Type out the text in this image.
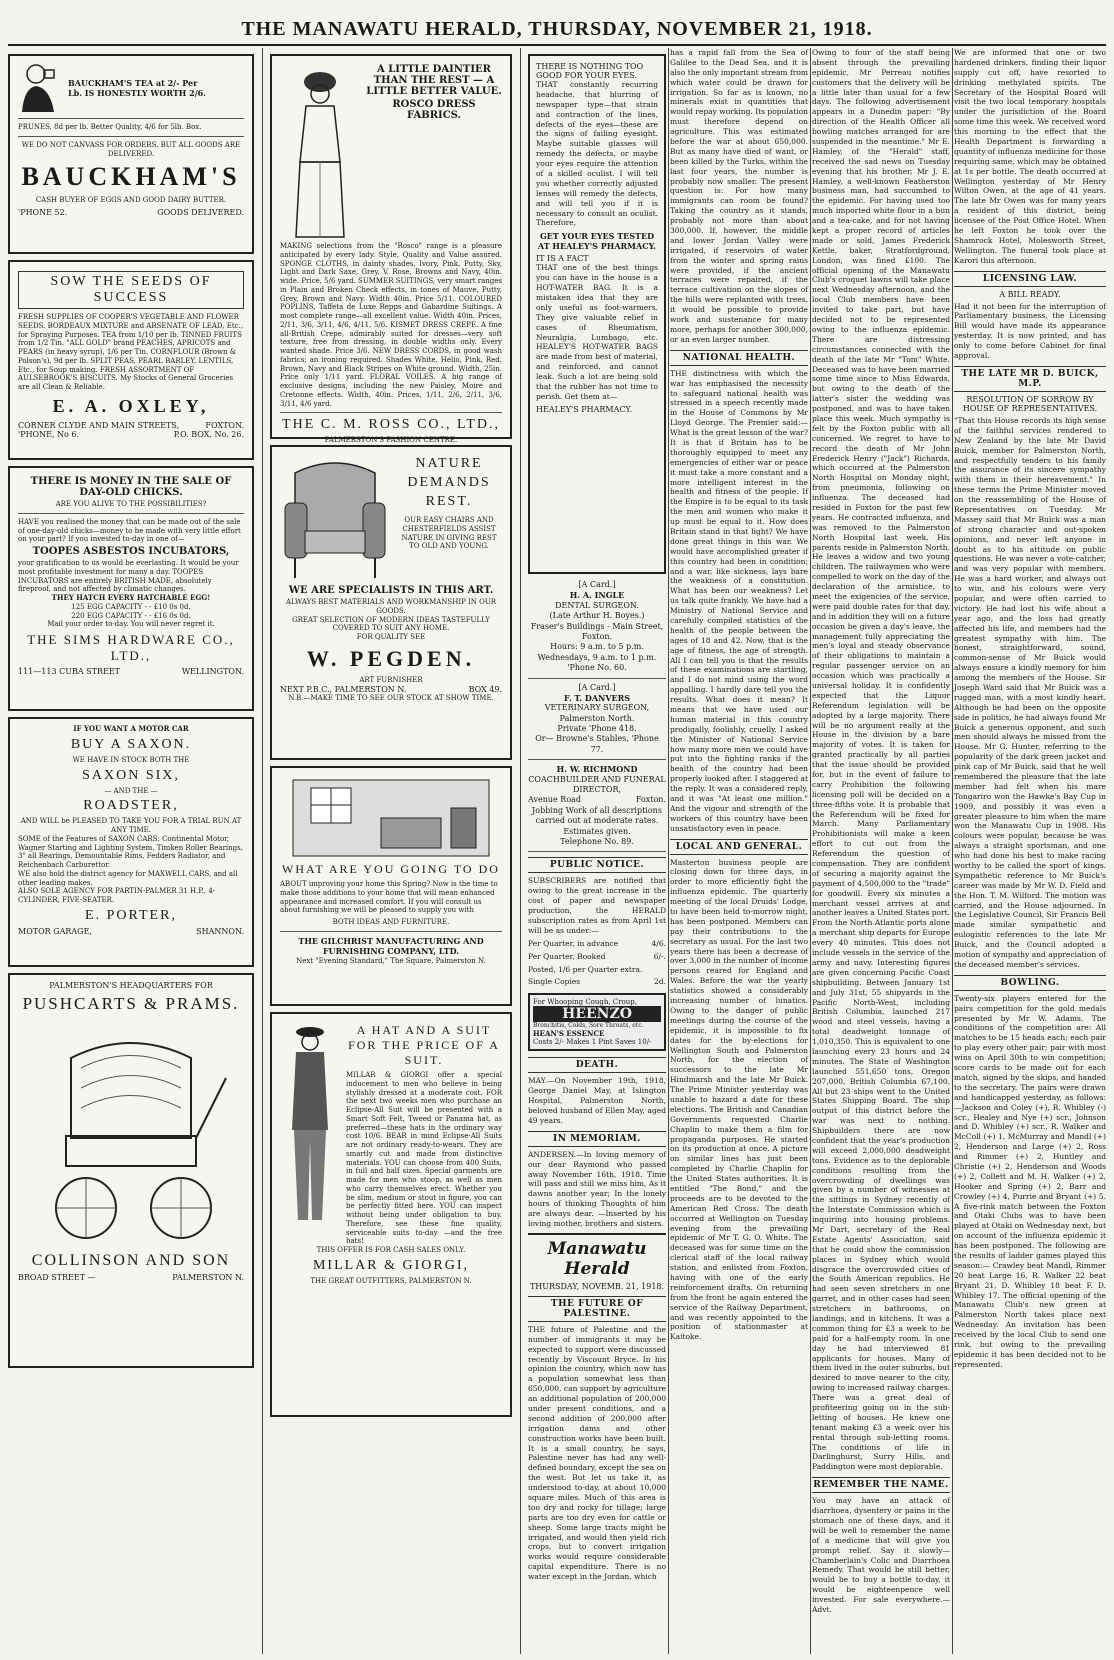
THE MANAWATU HERALD, THURSDAY, NOVEMBER 21, 1918.
BAUCKHAM'S TEA at 2/- Per
Lb. IS HONESTLY WORTH 2/6.
PRUNES, 8d per lb. Better Quality, 4/6 for 5lb. Box.
WE DO NOT CANVASS FOR ORDERS, BUT ALL GOODS ARE DELIVERED.
BAUCKHAM'S
CASH BUYER OF EGGS AND GOOD DAIRY BUTTER.
'PHONE 52.	GOODS DELIVERED.
SOW THE SEEDS OF SUCCESS
FRESH SUPPLIES OF COOPER'S VEGETABLE AND FLOWER SEEDS. BORDEAUX MIXTURE and ARSENATE OF LEAD, Etc., for Spraying Purposes. TEA from 1/10 per lb. TINNED FRUITS from 1/2 Tin. "ALL GOLD" brand PEACHES, APRICOTS and PEARS (in heavy syrup), 1/6 per Tin. CORNFLOUR (Brown & Polson's), 9d per lb. SPLIT PEAS, PEARL BARLEY, LENTILS, Etc., for Soup making. FRESH ASSORTMENT OF AULSEBROOK'S BISCUITS. My Stocks of General Groceries are all Clean & Reliable.
E. A. OXLEY,
CORNER CLYDE AND MAIN STREETS,	FOXTON.
'PHONE, No 6.	P.O. BOX, No. 26.
THERE IS MONEY IN THE SALE OF DAY-OLD CHICKS.
ARE YOU ALIVE TO THE POSSIBILITIES?
HAVE you realised the money that can be made out of the sale of one-day-old chicks—money to be made with very little effort on your part? If you invested to-day in one of—
TOOPES ASBESTOS INCUBATORS,
your gratification to us would be everlasting. It would be your most profitable investment for many a day. TOOPES INCUBATORS are entirely BRITISH MADE, absolutely fireproof, and not affected by climatic changes.
THEY HATCH EVERY HATCHABLE EGG!
125 EGG CAPACITY - - £10 0s 0d.
220 EGG CAPACITY - - £16 0s 0d.
Mail your order to-day. You will never regret it.
THE SIMS HARDWARE CO., LTD.,
111—113 CUBA STREET	WELLINGTON.
IF YOU WANT A MOTOR CAR
BUY A SAXON.
WE HAVE IN STOCK BOTH THE
SAXON SIX,
— AND THE —
ROADSTER,
AND WILL be PLEASED TO TAKE YOU FOR A TRIAL RUN AT ANY TIME.
SOME of the Features of SAXON CARS: Continental Motor, Wagner Starting and Lighting System, Timken Roller Bearings, 3" all Bearings, Demountable Rims, Fedders Radiator, and Reichenbach Carburettor.
WE also hold the district agency for MAXWELL CARS, and all other leading makes.
ALSO SOLE AGENCY FOR PARTIN-PALMER 31 H.P., 4-CYLINDER, FIVE-SEATER.
E. PORTER,
MOTOR GARAGE,	SHANNON.
PALMERSTON'S HEADQUARTERS FOR
PUSHCARTS & PRAMS.
COLLINSON AND SON
BROAD STREET —	PALMERSTON N.
A LITTLE DAINTIER THAN THE REST — A LITTLE BETTER VALUE.
ROSCO DRESS FABRICS.
MAKING selections from the "Rosco" range is a pleasure anticipated by every lady. Style, Quality and Value assured. SPONGE CLOTHS, in dainty shades, Ivory, Pink, Putty, Sky, Light and Dark Saxe, Grey, V. Rose, Browns and Navy, 40in. wide. Price, 5/6 yard. SUMMER SUITINGS, very smart ranges in Plain and Broken Check effects, in tones of Mauve, Putty, Grey, Brown and Navy. Width 40in. Price 5/11. COLOURED POPLINS, Taffeta de Luxe Repps and Gabardine Suitings. A most complete range—all excellent value. Width 40in. Prices, 2/11, 3/6, 3/11, 4/6, 4/11, 5/6. KISMET DRESS CREPE. A fine all-British Crepe, admirably suited for dresses—very soft texture, free from dressing, in double widths only. Every wanted shade. Price 3/6. NEW DRESS CORDS, in good wash fabrics; an ironing required. Shades White, Helio, Pink, Red, Brown, Navy and Black Stripes on White ground. Width, 25in. Price only 1/11 yard. FLORAL VOILES. A big range of exclusive designs, including the new Paisley, Moire and Cretonne effects. Width, 40in. Prices, 1/11, 2/6, 2/11, 3/6, 3/11, 4/6 yard.
THE C. M. ROSS CO., LTD.,
PALMERSTON'S FASHION CENTRE.
NATURE
DEMANDS
REST.
OUR EASY CHAIRS AND CHESTERFIELDS ASSIST NATURE IN GIVING REST TO OLD AND YOUNG.
WE ARE SPECIALISTS IN THIS ART.
ALWAYS BEST MATERIALS AND WORKMANSHIP IN OUR GOODS.
GREAT SELECTION OF MODERN IDEAS TASTEFULLY COVERED TO SUIT ANY HOME.
FOR QUALITY SEE
W. PEGDEN.
ART FURNISHER
NEXT P.B.C., PALMERSTON N.	BOX 49.
N.B.—MAKE TIME TO SEE OUR STOCK AT SHOW TIME.
WHAT ARE YOU GOING TO DO
ABOUT improving your home this Spring? Now is the time to make those additions to your home that will mean enhanced appearance and increased comfort. If you will consult us about furnishing we will be pleased to supply you with
BOTH IDEAS AND FURNITURE.
THE GILCHRIST MANUFACTURING AND FURNISHING COMPANY, LTD.
Next "Evening Standard," The Square, Palmerston N.
A HAT AND A SUIT FOR THE PRICE OF A SUIT.
MILLAR & GIORGI offer a special inducement to men who believe in being stylishly dressed at a moderate cost. FOR the next two weeks men who purchase an Eclipse-All Suit will be presented with a Smart Soft Felt, Tweed or Panama hat, as preferred—these hats in the ordinary way cost 10/6. BEAR in mind Eclipse-All Suits are not ordinary ready-to-wears. They are smartly cut and made from distinctive materials. YOU can choose from 400 Suits, in full and half sizes. Special garments are made for men who stoop, as well as men who carry themselves erect. Whether you be slim, medium or stout in figure, you can be perfectly fitted here. YOU can inspect without being under obligation to buy. Therefore, see these fine quality, serviceable suits to-day —and the free hats!
THIS OFFER IS FOR CASH SALES ONLY.
MILLAR & GIORGI,
THE GREAT OUTFITTERS, PALMERSTON N.
THERE IS NOTHING TOO GOOD FOR YOUR EYES.
THAT constantly recurring headache, that blurring of newspaper type—that strain and contraction of the lines, defects of the eyes—these are the signs of failing eyesight. Maybe suitable glasses will remedy the defects, or maybe your eyes require the attention of a skilled oculist. I will tell you whether correctly adjusted lenses will remedy the defects, and will tell you if it is necessary to consult an oculist. Therefore,
GET YOUR EYES TESTED AT HEALEY'S PHARMACY.
IT IS A FACT
THAT one of the best things you can have in the house is a HOT-WATER BAG. It is a mistaken idea that they are only useful as foot-warmers. They give valuable relief in cases of Rheumatism, Neuralgia, Lumbago, etc. HEALEY'S HOT-WATER BAGS are made from best of material, and reinforced, and cannot leak. Such a lot are being sold that the rubber has not time to perish. Get them at—
HEALEY'S PHARMACY.
[A Card.]
H. A. INGLE
DENTAL SURGEON.
(Late Arthur H. Boyes.)
Fraser's Buildings - Main Street, Foxton.
Hours: 9 a.m. to 5 p.m. Wednesdays, 9 a.m. to 1 p.m.
'Phone No. 60.
[A Card.]
F. T. DANVERS
VETERINARY SURGEON,
Palmerston North.
Private 'Phone 418.
Or— Browne's Stables, 'Phone 77.
H. W. RICHMOND
COACHBUILDER AND FUNERAL DIRECTOR,
Avenue Road	Foxton.
Jobbing Work of all descriptions carried out at moderate rates.
Estimates given.
Telephone No. 89.
PUBLIC NOTICE.
SUBSCRIBERS are notified that owing to the great increase in the cost of paper and newspaper production, the HERALD subscription rates as from April 1st will be as under:—
Per Quarter, in advance	4/6.
Per Quarter, Booked	6/-.
Posted, 1/6 per Quarter extra.
Single Copies	2d.
For Whooping Cough, Croup,
HEENZO
Bronchitis, Colds, Sore Throats, etc.
HEAN'S ESSENCE
Costs 2/- Makes 1 Pint Saves 10/-
DEATH.
MAY.—On November 19th, 1918, George Daniel May, at Islington Hospital, Palmerston North, beloved husband of Ellen May, aged 49 years.
IN MEMORIAM.
ANDERSEN.—In loving memory of our dear Raymond who passed away November 16th, 1918. Time will pass and still we miss him, As it dawns another year; In the lonely hours of thinking Thoughts of him are always dear. —Inserted by his loving mother, brothers and sisters.
Manawatu Herald
THURSDAY, NOVEMB. 21, 1918.
THE FUTURE OF PALESTINE.
THE future of Palestine and the number of immigrants it may be expected to support were discussed recently by Viscount Bryce. In his opinion the country, which now has a population somewhat less than 650,000, can support by agriculture an additional population of 200,000 under present conditions, and a second addition of 200,000 after irrigation dams and other construction works have been built. It is a small country, he says, Palestine never has had any well-defined boundary, except the sea on the west. But let us take it, as understood to-day, at about 10,000 square miles. Much of this area is too dry and rocky for tillage; large parts are too dry even for cattle or sheep. Some large tracts might be irrigated, and would then yield rich crops, but to convert irrigation works would require considerable capital expenditure. There is no water except in the Jordan, which
has a rapid fall from the Sea of Galilee to the Dead Sea, and it is also the only important stream from which water could be drawn for irrigation. So far as is known, no minerals exist in quantities that would repay working. Its population must therefore depend on agriculture. This was estimated before the war at about 650,000. But as many have died of want, or been killed by the Turks, within the last four years, the number is probably now smaller. The present question is: For how many immigrants can room be found? Taking the country as it stands, probably not more than about 300,000. If, however, the middle and lower Jordan Valley were irrigated, if reservoirs of water from the winter and spring rains were provided, if the ancient terraces were repaired, if the terrace cultivation on the slopes of the hills were replanted with trees, it would be possible to provide work and sustenance for many more, perhaps for another 300,000, or an even larger number.
NATIONAL HEALTH.
THE distinctness with which the war has emphasised the necessity to safeguard national health was stressed in a speech recently made in the House of Commons by Mr Lloyd George. The Premier said:— What is the great lesson of the war? It is that if Britain has to be thoroughly equipped to meet any emergencies of either war or peace it must take a more constant and a more intelligent interest in the health and fitness of the people. If the Empire is to be equal to its task the men and women who make it up must be equal to it. How does Britain stand in that light? We have done great things in this war. We would have accomplished greater if this country had been in condition; and a war, like sickness, lays bare the weakness of a constitution. What has been our weakness? Let us talk quite frankly. We have had a Ministry of National Service and carefully compiled statistics of the health of the people between the ages of 18 and 42. Now, that is the age of fitness, the age of strength. All I can tell you is that the results of these examinations are startling, and I do not mind using the word appalling. I hardly dare tell you the results. What does it mean? It means that we have used our human material in this country prodigally, foolishly, cruelly. I asked the Minister of National Service how many more men we could have put into the fighting ranks if the health of the country had been properly looked after. I staggered at the reply. It was a considered reply, and it was "At least one million." And the vigour and strength of the workers of this country have been unsatisfactory even in peace.
LOCAL AND GENERAL.
Masterton business people are closing down for three days, in order to more efficiently fight the influenza epidemic. The quarterly meeting of the local Druids' Lodge, to have been held to-morrow night, has been postponed. Members can pay their contributions to the secretary as usual. For the last two years there has been a decrease of over 3,000 in the number of income persons reared for England and Wales. Before the war the yearly statistics showed a considerably increasing number of lunatics. Owing to the danger of public meetings during the course of the epidemic, it is impossible to fix dates for the by-elections for Wellington South and Palmerston North, for the election of successors to the late Mr Hindmarsh and the late Mr Buick. The Prime Minister yesterday was unable to hazard a date for these elections. The British and Canadian Governments requested Charlie Chaplin to make them a film for propaganda purposes. He started on its production at once. A picture on similar lines has just been completed by Charlie Chaplin for the United States authorities. It is entitled "The Bond," and the proceeds are to be devoted to the American Red Cross. The death occurred at Wellington on Tuesday evening from the prevailing epidemic of Mr T. G. O. White. The deceased was for some time on the clerical staff of the local railway station, and enlisted from Foxton, having with one of the early reinforcement drafts. On returning from the front he again entered the service of the Railway Department, and was recently appointed to the position of stationmaster at Kaitoke.
Owing to four of the staff being absent through the prevailing epidemic, Mr Perreau notifies customers that the delivery will be a little later than usual for a few days. The following advertisement appears in a Dunedin paper: "By direction of the Health Officer all bowling matches arranged for are suspended in the meantime." Mr E. Hamley, of the "Herald" staff, received the sad news on Tuesday evening that his brother, Mr J. E. Hamley, a well-known Featherston business man, had succumbed to the epidemic. For having used too much imported white flour in a bun and a tea-cake, and for not having kept a proper record of articles made or sold, James Frederick Kettle, baker, Stratfordground, London, was fined £100. The official opening of the Manawatu Club's croquet lawns will take place next Wednesday afternoon, and the local Club members have been invited to take part, but have decided not to be represented owing to the influenza epidemic. There are distressing circumstances connected with the death of the late Mr "Tom" White. Deceased was to have been married some time since to Miss Edwards, but owing to the death of the latter's sister the wedding was postponed, and was to have taken place this week. Much sympathy is felt by the Foxton public with all concerned. We regret to have to record the death of Mr John Frederick Henry ("Jack") Richards, which occurred at the Palmerston North Hospital on Monday night, from pneumonia, following on influenza. The deceased had resided in Foxton for the past few years. He contracted influenza, and was removed to the Palmerston North Hospital last week. His parents reside in Palmerston North. He leaves a widow and two young children. The railwaymen who were compelled to work on the day of the declaration of the armistice, to meet the exigencies of the service, were paid double rates for that day, and in addition they will on a future occasion be given a day's leave, the management fully appreciating the men's loyal and steady observance of their obligations to maintain a regular passenger service on an occasion which was practically a universal holiday. It is confidently expected that the Liquor Referendum legislation will be adopted by a large majority. There will be no argument really at the House in the division by a bare majority of votes. It is taken for granted practically by all parties that the issue should be provided for, but in the event of failure to carry Prohibition the following licensing poll will be decided on a three-fifths vote. It is probable that the Referendum will be fixed for March. Many Parliamentary Prohibitionists will make a keen effort to cut out from the Referendum the question of compensation. They are confident of securing a majority against the payment of 4,500,000 to the "trade" for goodwill. Every six minutes a merchant vessel arrives at and another leaves a United States port. From the North Atlantic ports alone a merchant ship departs for Europe every 40 minutes. This does not include vessels in the service of the army and navy. Interesting figures are given concerning Pacific Coast shipbuilding. Between January 1st and July 31st, 55 shipyards in the Pacific North-West, including British Columbia, launched 217 wood and steel vessels, having a total deadweight tonnage of 1,010,350. This is equivalent to one launching every 23 hours and 24 minutes. The State of Washington launched 551,650 tons, Oregon 207,000, British Columbia 67,100. All but 23 ships went to the United States Shipping Board. The ship output of this district before the war was next to nothing. Shipbuilders there are now confident that the year's production will exceed 2,000,000 deadweight tons. Evidence as to the deplorable conditions resulting from the overcrowding of dwellings was given by a number of witnesses at the sittings in Sydney recently of the Interstate Commission which is inquiring into housing problems. Mr Dart, secretary of the Real Estate Agents' Association, said that he could show the commission places in Sydney which would disgrace the overcrowded cities of the South American republics. He had seen seven stretchers in one garret, and in other cases had seen stretchers in bathrooms, on landings, and in kitchens. It was a common thing for £3 a week to be paid for a half-empty room. In one day he had interviewed 81 applicants for houses. Many of them lived in the outer suburbs, but desired to move nearer to the city, owing to increased railway charges. There was a great deal of profiteering going on in the sub-letting of houses. He knew one tenant making £3 a week over his rental through sub-letting rooms. The conditions of life in Darlinghurst, Surry Hills, and Paddington were most deplorable.
REMEMBER THE NAME.
You may have an attack of diarrhoea, dysentery or pains in the stomach one of these days, and it will be well to remember the name of a medicine that will give you prompt relief. Say it slowly—Chamberlain's Colic and Diarrhoea Remedy. That would be still better, would be to buy a bottle to-day, it would be eighteenpence well invested. For sale everywhere.—Advt.
We are informed that one or two hardened drinkers, finding their liquor supply cut off, have resorted to drinking methylated spirits. The Secretary of the Hospital Board will visit the two local temporary hospitals under the jurisdiction of the Board some time this week. We received word this morning to the effect that the Health Department is forwarding a quantity of influenza medicine for those requiring same, which may be obtained at 1s per bottle. The death occurred at Wellington yesterday of Mr Henry Wilton Owen, at the age of 41 years. The late Mr Owen was for many years a resident of this district, being licensee of the Post Office Hotel. When he left Foxton he took over the Shamrock Hotel, Molesworth Street, Wellington. The funeral took place at Karori this afternoon.
LICENSING LAW.
A BILL READY.
Had it not been for the interruption of Parliamentary business, the Licensing Bill would have made its appearance yesterday. It is now printed, and has only to come before Cabinet for final approval.
THE LATE MR D. BUICK, M.P.
RESOLUTION OF SORROW BY HOUSE OF REPRESENTATIVES.
"That this House records its high sense of the faithful services rendered to New Zealand by the late Mr David Buick, member for Palmerston North, and respectfully tenders to his family the assurance of its sincere sympathy with them in their bereavement." In these terms the Prime Minister moved on the reassembling of the House of Representatives on Tuesday. Mr Massey said that Mr Buick was a man of strong character and out-spoken opinions, and never left anyone in doubt as to his attitude on public questions. He was never a vote-catcher, and was very popular with members. He was a hard worker, and always out to win, and his colours were very popular, and were often carried to victory. He had lost his wife about a year ago, and the loss had greatly affected his life, and members had the greatest sympathy with him. The honest, straightforward, sound, common-sense of Mr Buick would always ensure a kindly memory for him among the members of the House. Sir Joseph Ward said that Mr Buick was a rugged man, with a most kindly heart. Although he had been on the opposite side in politics, he had always found Mr Buick a generous opponent, and such men should always be missed from the House. Mr G. Hunter, referring to the popularity of the dark green jacket and pink cap of Mr Buick, said that he well remembered the pleasure that the late member had felt when his mare Tongariro won the Hawke's Bay Cup in 1909, and possibly it was even a greater pleasure to him when the mare won the Manawatu Cup in 1908. His colours were popular, because he was always a straight sportsman, and one who had done his best to make racing worthy to be called the sport of kings. Sympathetic reference to Mr Buick's career was made by Mr W. D. Field and the Hon. T. M. Wilford. The motion was carried, and the House adjourned. In the Legislative Council, Sir Francis Bell made similar sympathetic and eulogistic references to the late Mr Buick, and the Council adopted a motion of sympathy and appreciation of the deceased member's services.
BOWLING.
Twenty-six players entered for the pairs competition for the gold medals presented by Mr W. Adams. The conditions of the competition are: All matches to be 15 heads each; each pair to play every other pair; pair with most wins on April 30th to win competition; score cards to be made out for each match, signed by the skips, and handed to the secretary. The pairs were drawn and handicapped yesterday, as follows:—Jackson and Coley (+), R. Whibley (-) scr., Healey and Nye (+) scr., Johnson and D. Whibley (+) scr., R. Walker and McColl (+) 1, McMurray and Mandl (+) 2, Henderson and Large (+) 2, Ross and Rimmer (+) 2, Huntley and Christie (+) 2, Henderson and Woods (+) 2, Collett and M. H. Walker (+) 2, Hooker and Spring (+) 2, Barr and Crowley (+) 4, Purrie and Bryant (+) 5. A five-rink match between the Foxton and Otaki Clubs was to have been played at Otaki on Wednesday next, but on account of the influenza epidemic it has been postponed. The following are the results of ladder games played this season:— Crawley beat Mandl, Rimmer 20 beat Large 16, R. Walker 22 beat Bryant 21, D. Whibley 18 beat F. D. Whibley 17. The official opening of the Manawatu Club's new green at Palmerston North takes place next Wednesday. An invitation has been received by the local Club to send one rink, but owing to the prevailing epidemic it has been decided not to be represented.
